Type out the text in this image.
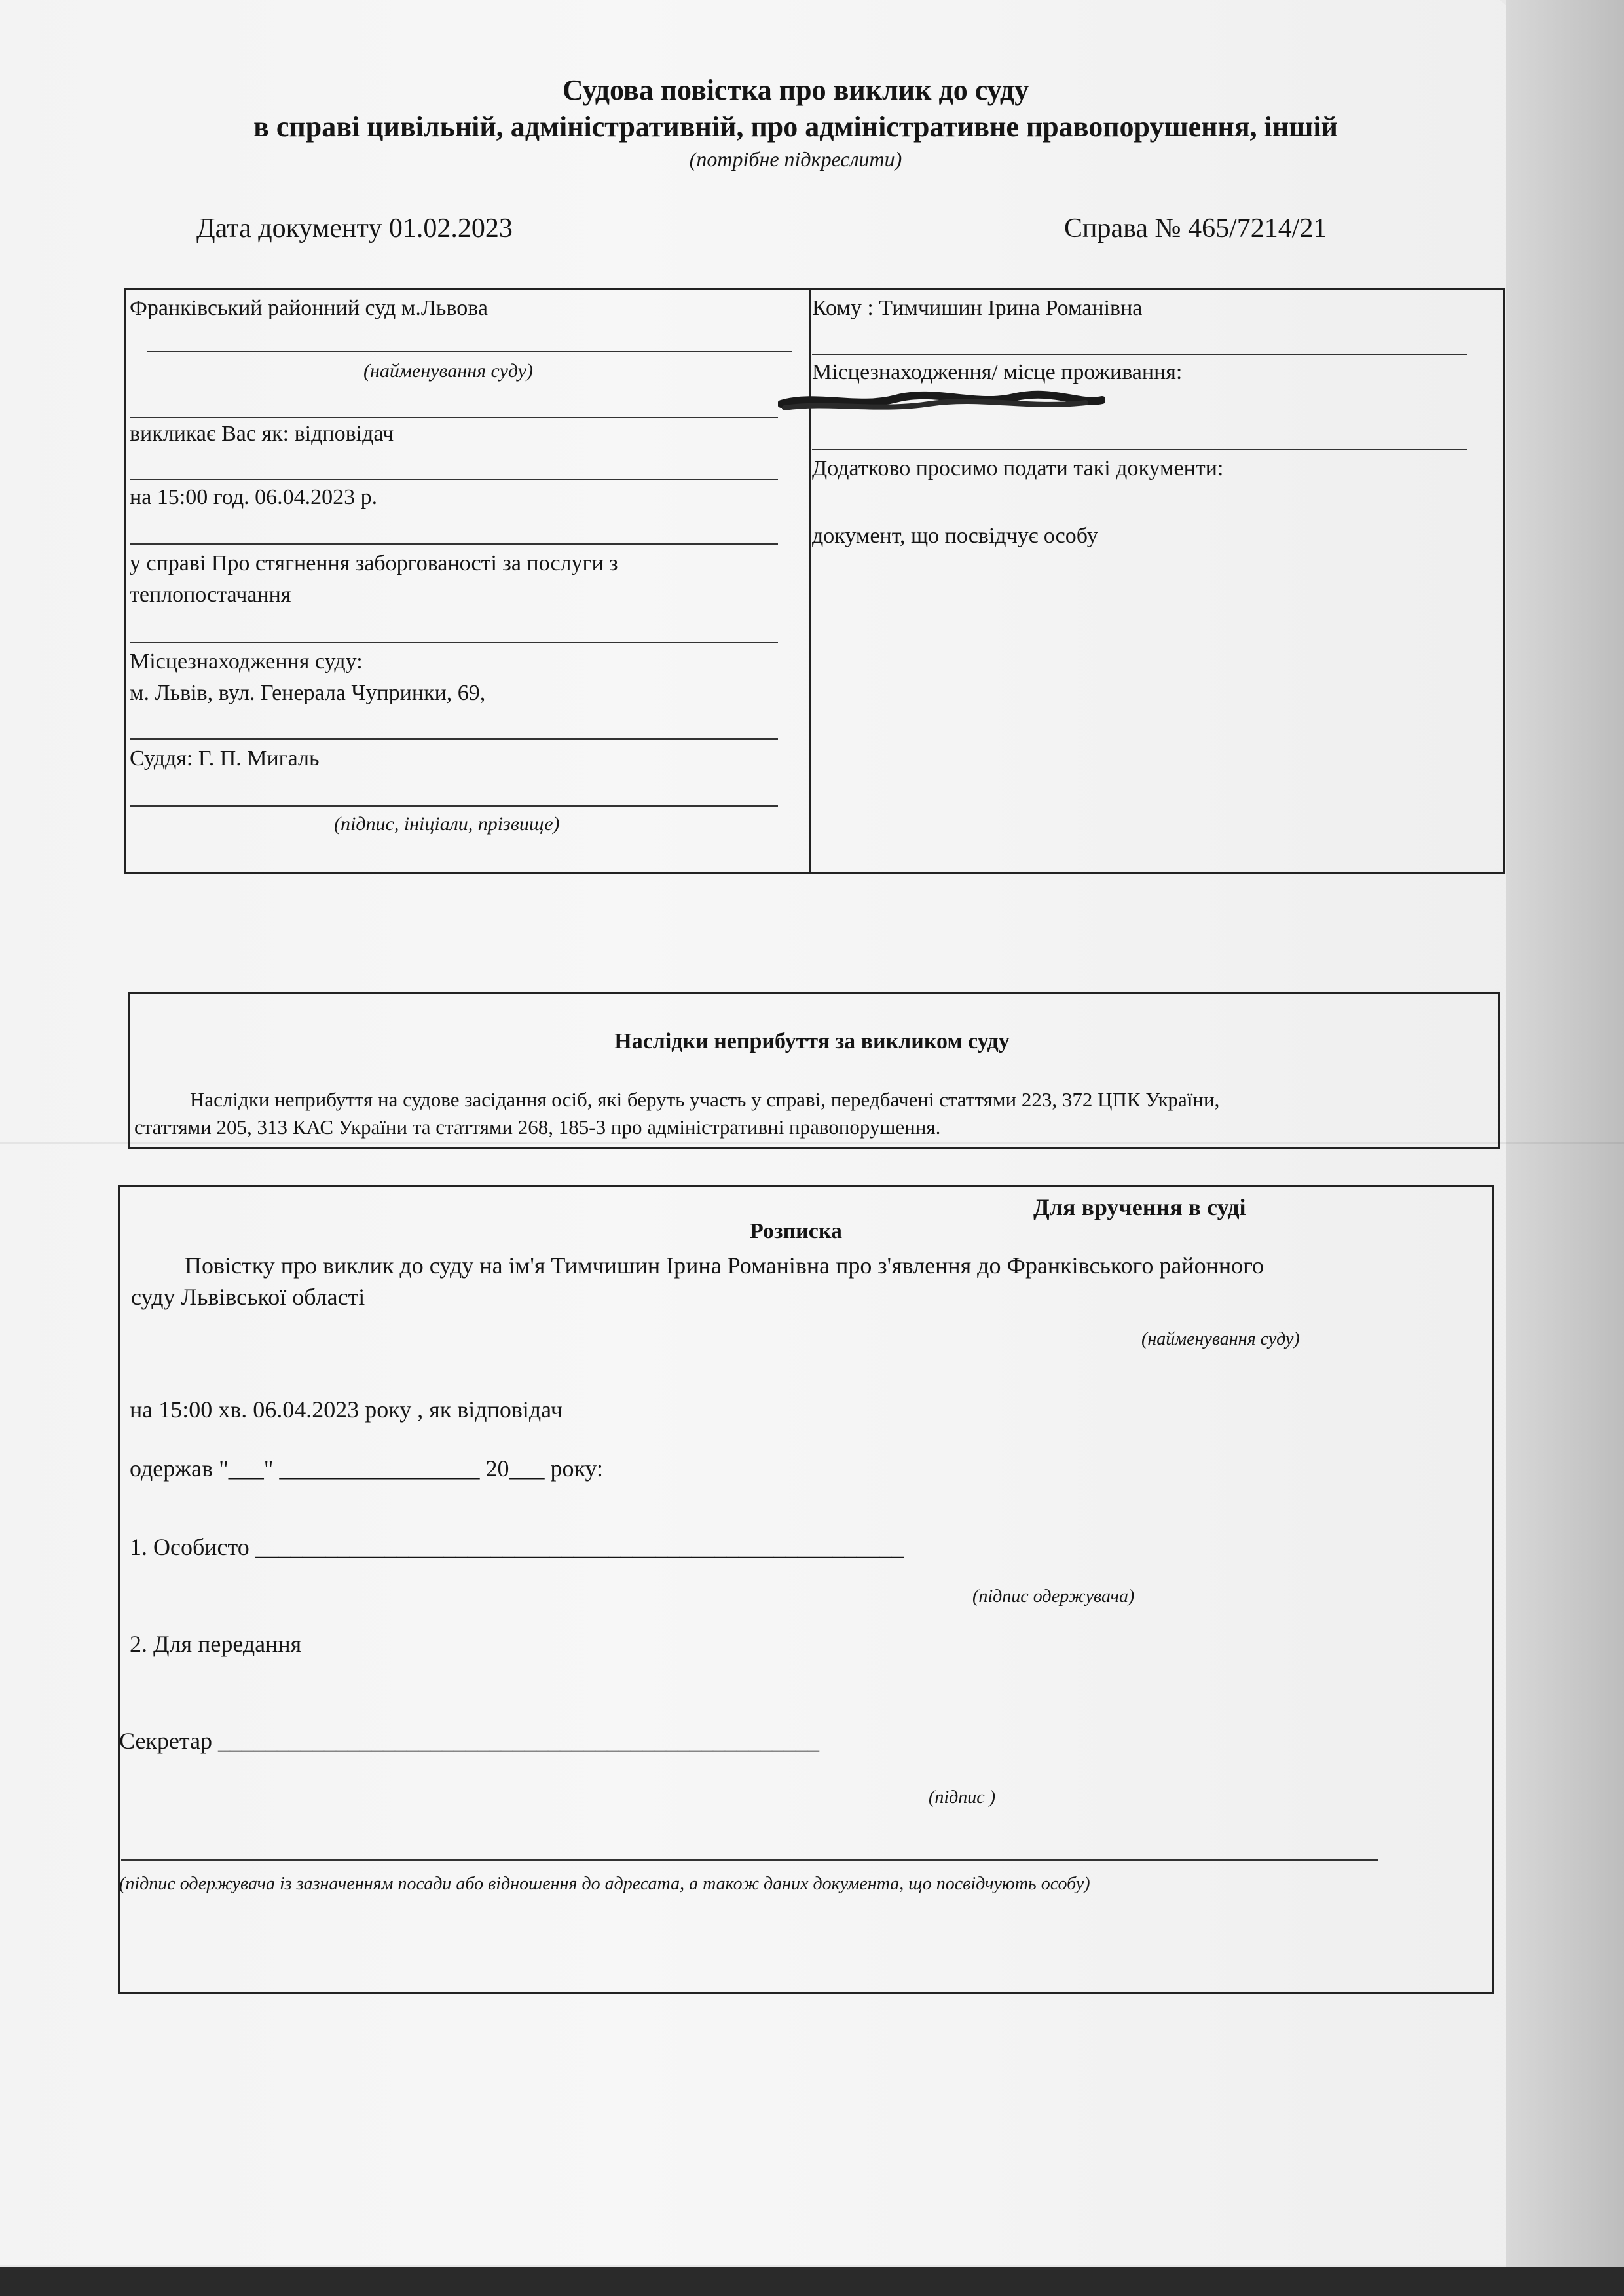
Судова повістка про виклик до суду
в справі цивільній, адміністративній, про адміністративне правопорушення, іншій
(потрібне підкреслити)
Дата документу 01.02.2023	Справа № 465/7214/21
Франківський районний суд м.Львова
(найменування суду)
викликає Вас як: відповідач
на 15:00 год. 06.04.2023 р.
у справі Про стягнення заборгованості за послуги з
теплопостачання
Місцезнаходження суду:
м. Львів, вул. Генерала Чупринки, 69,
Суддя: Г. П. Мигаль
(підпис, ініціали, прізвище)
Кому : Тимчишин Ірина Романівна
Місцезнаходження/ місце проживання:
Додатково просимо подати такі документи:
документ, що посвідчує особу
Наслідки неприбуття за викликом суду
Наслідки неприбуття на судове засідання осіб, які беруть участь у справі, передбачені статтями 223, 372 ЦПК України,
статтями 205, 313 КАС України та статтями 268, 185-3 про адміністративні правопорушення.
Для вручення в суді
Розписка
Повістку про виклик до суду на ім'я Тимчишин Ірина Романівна про з'явлення до Франківського районного
суду Львівської області
(найменування суду)
на 15:00 хв. 06.04.2023 року , як відповідач
одержав "___" _________________ 20___ року:
1. Особисто _______________________________________________________
(підпис одержувача)
2. Для передання
Секретар ___________________________________________________
(підпис )
(підпис одержувача із зазначенням посади або відношення до адресата, а також даних документа, що посвідчують особу)
